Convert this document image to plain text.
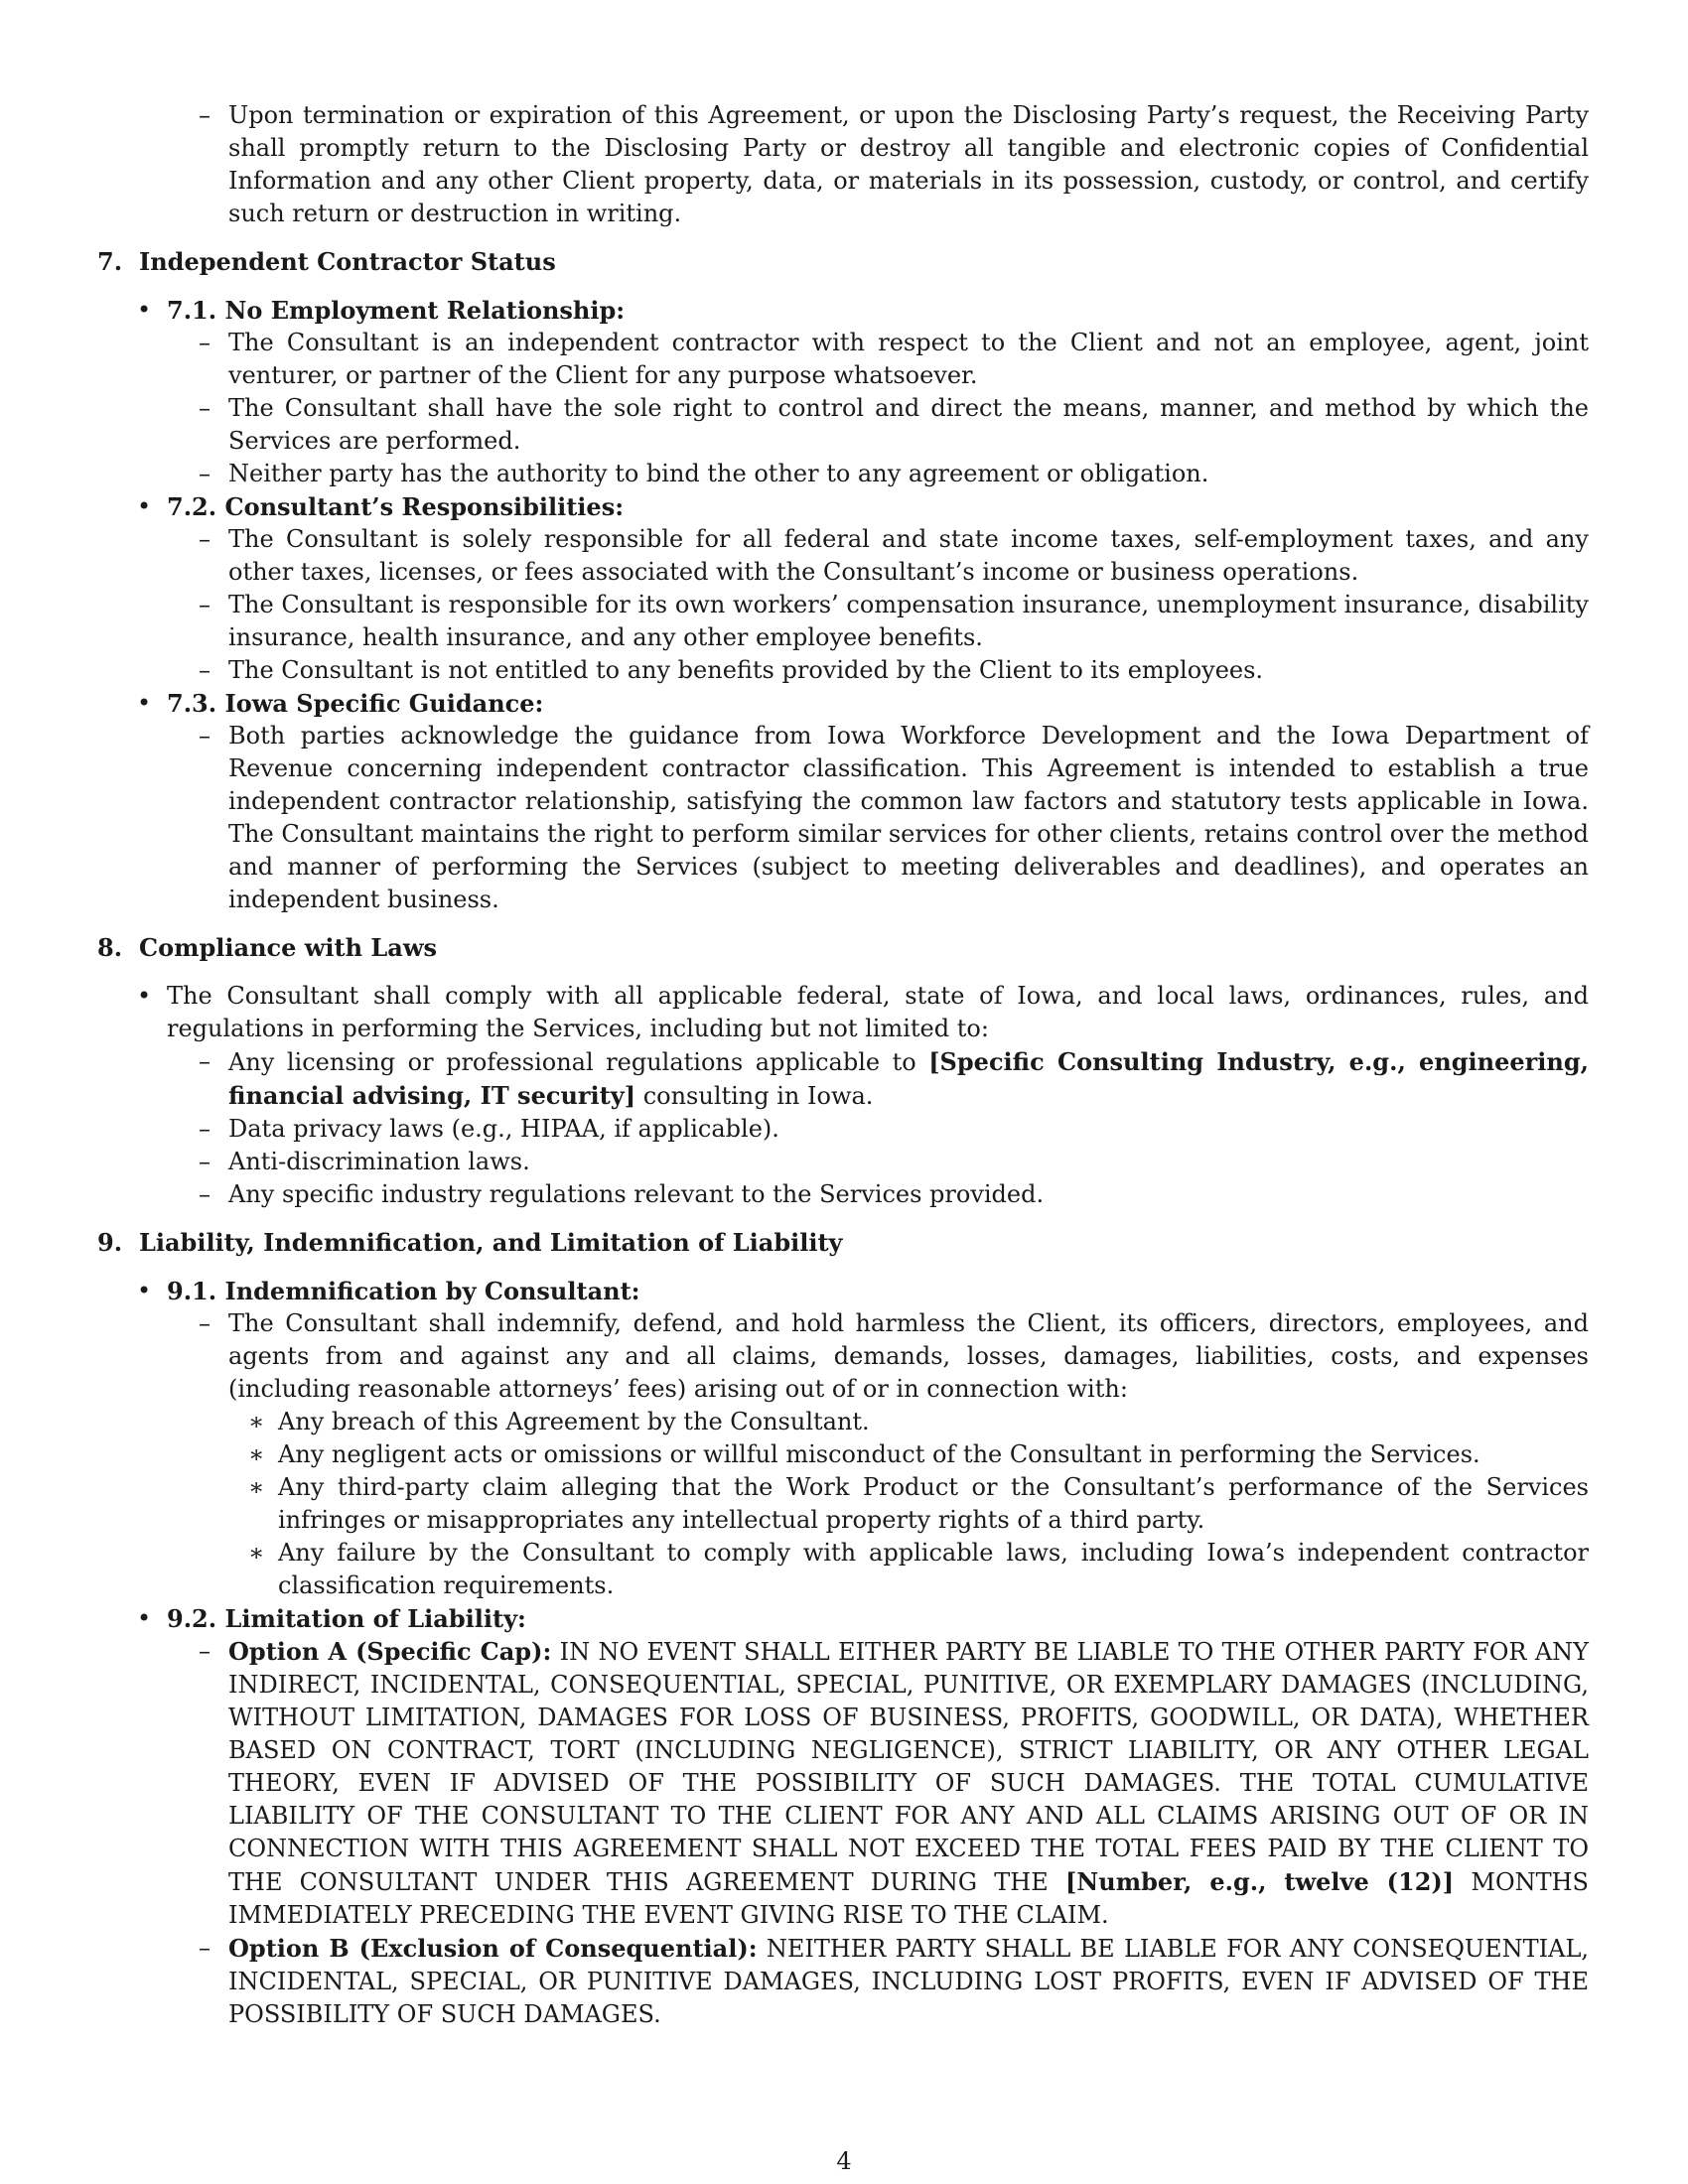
– Upon termination or expiration of this Agreement, or upon the Disclosing Party’s request, the Receiving Party shall promptly return to the Disclosing Party or destroy all tangible and electronic copies of Confidential Information and any other Client property, data, or materials in its possession, custody, or control, and certify such return or destruction in writing.
7. Independent Contractor Status
• 7.1. No Employment Relationship:
– The Consultant is an independent contractor with respect to the Client and not an employee, agent, joint venturer, or partner of the Client for any purpose whatsoever.
– The Consultant shall have the sole right to control and direct the means, manner, and method by which the Services are performed.
– Neither party has the authority to bind the other to any agreement or obligation.
• 7.2. Consultant’s Responsibilities:
– The Consultant is solely responsible for all federal and state income taxes, self-employment taxes, and any other taxes, licenses, or fees associated with the Consultant’s income or business operations.
– The Consultant is responsible for its own workers’ compensation insurance, unemployment insurance, disability insurance, health insurance, and any other employee benefits.
– The Consultant is not entitled to any benefits provided by the Client to its employees.
• 7.3. Iowa Specific Guidance:
– Both parties acknowledge the guidance from Iowa Workforce Development and the Iowa Department of Revenue concerning independent contractor classification. This Agreement is intended to establish a true independent contractor relationship, satisfying the common law factors and statutory tests applicable in Iowa. The Consultant maintains the right to perform similar services for other clients, retains control over the method and manner of performing the Services (subject to meeting deliverables and deadlines), and operates an independent business.
8. Compliance with Laws
• The Consultant shall comply with all applicable federal, state of Iowa, and local laws, ordinances, rules, and regulations in performing the Services, including but not limited to:
– Any licensing or professional regulations applicable to [Specific Consulting Industry, e.g., engineering, financial advising, IT security] consulting in Iowa.
– Data privacy laws (e.g., HIPAA, if applicable).
– Anti-discrimination laws.
– Any specific industry regulations relevant to the Services provided.
9. Liability, Indemnification, and Limitation of Liability
• 9.1. Indemnification by Consultant:
– The Consultant shall indemnify, defend, and hold harmless the Client, its officers, directors, employees, and agents from and against any and all claims, demands, losses, damages, liabilities, costs, and expenses (including reasonable attorneys’ fees) arising out of or in connection with:
∗ Any breach of this Agreement by the Consultant.
∗ Any negligent acts or omissions or willful misconduct of the Consultant in performing the Services.
∗ Any third-party claim alleging that the Work Product or the Consultant’s performance of the Services infringes or misappropriates any intellectual property rights of a third party.
∗ Any failure by the Consultant to comply with applicable laws, including Iowa’s independent contractor classification requirements.
• 9.2. Limitation of Liability:
– Option A (Specific Cap): IN NO EVENT SHALL EITHER PARTY BE LIABLE TO THE OTHER PARTY FOR ANY INDIRECT, INCIDENTAL, CONSEQUENTIAL, SPECIAL, PUNITIVE, OR EXEMPLARY DAMAGES (INCLUDING, WITHOUT LIMITATION, DAMAGES FOR LOSS OF BUSINESS, PROFITS, GOODWILL, OR DATA), WHETHER BASED ON CONTRACT, TORT (INCLUDING NEGLIGENCE), STRICT LIABILITY, OR ANY OTHER LEGAL THEORY, EVEN IF ADVISED OF THE POSSIBILITY OF SUCH DAMAGES. THE TOTAL CUMULATIVE LIABILITY OF THE CONSULTANT TO THE CLIENT FOR ANY AND ALL CLAIMS ARISING OUT OF OR IN CONNECTION WITH THIS AGREEMENT SHALL NOT EXCEED THE TOTAL FEES PAID BY THE CLIENT TO THE CONSULTANT UNDER THIS AGREEMENT DURING THE [Number, e.g., twelve (12)] MONTHS IMMEDIATELY PRECEDING THE EVENT GIVING RISE TO THE CLAIM.
– Option B (Exclusion of Consequential): NEITHER PARTY SHALL BE LIABLE FOR ANY CONSEQUENTIAL, INCIDENTAL, SPECIAL, OR PUNITIVE DAMAGES, INCLUDING LOST PROFITS, EVEN IF ADVISED OF THE POSSIBILITY OF SUCH DAMAGES.
4
